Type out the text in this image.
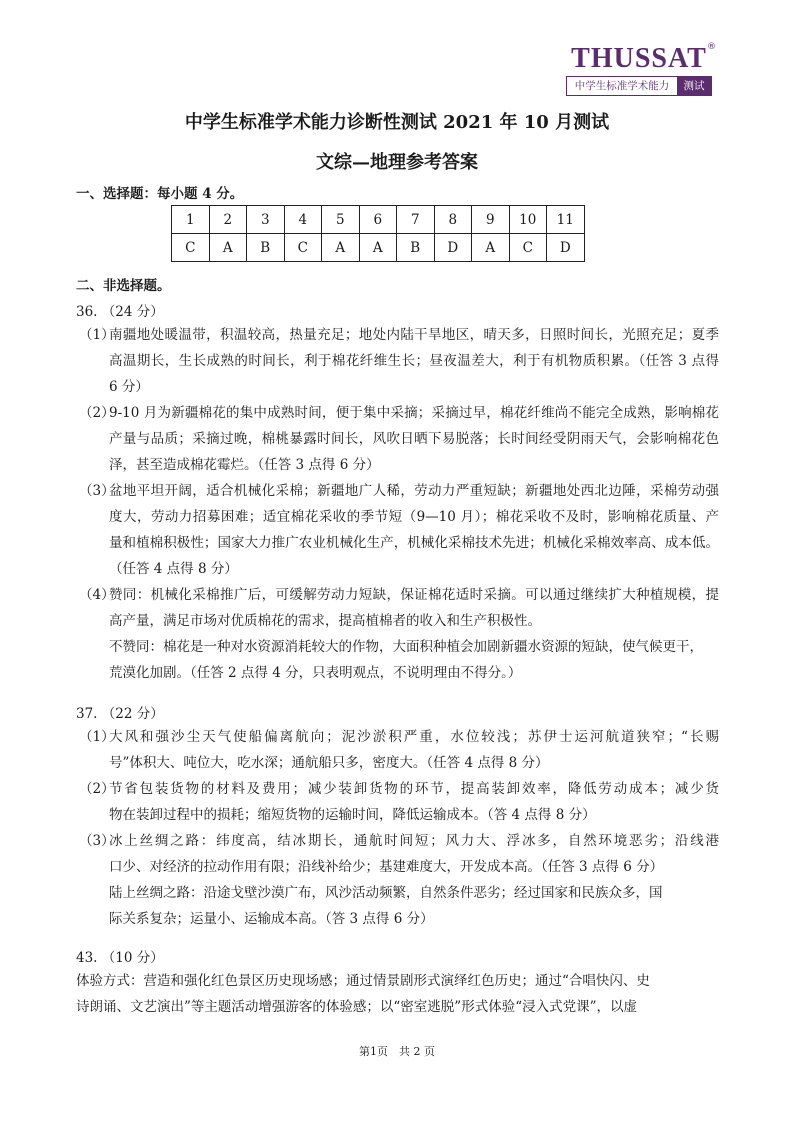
THUSSAT ®
中学生标准学术能力	测试
中学生标准学术能力诊断性测试 2021 年 10 月测试
文综—地理参考答案
一、选择题：每小题 4 分。
1	2	3	4	5	6	7	8	9	10	11
C	A	B	C	A	A	B	D	A	C	D
二、非选择题。
36. （24 分）
（1）
南疆地处暖温带，积温较高，热量充足；地处内陆干旱地区，晴天多，日照时间长，光照充足；夏季
高温期长，生长成熟的时间长，利于棉花纤维生长；昼夜温差大，利于有机物质积累。（任答 3 点得
6 分）
（2）
9-10 月为新疆棉花的集中成熟时间，便于集中采摘；采摘过早，棉花纤维尚不能完全成熟，影响棉花
产量与品质；采摘过晚，棉桃暴露时间长，风吹日晒下易脱落；长时间经受阴雨天气，会影响棉花色
泽，甚至造成棉花霉烂。（任答 3 点得 6 分）
（3）
盆地平坦开阔，适合机械化采棉；新疆地广人稀，劳动力严重短缺；新疆地处西北边陲，采棉劳动强
度大，劳动力招募困难；适宜棉花采收的季节短（9—10 月）；棉花采收不及时，影响棉花质量、产
量和植棉积极性；国家大力推广农业机械化生产，机械化采棉技术先进；机械化采棉效率高、成本低。
（任答 4 点得 8 分）
（4）
赞同：机械化采棉推广后，可缓解劳动力短缺，保证棉花适时采摘。可以通过继续扩大种植规模，提
高产量，满足市场对优质棉花的需求，提高植棉者的收入和生产积极性。
不赞同：棉花是一种对水资源消耗较大的作物，大面积种植会加剧新疆水资源的短缺，使气候更干，
荒漠化加剧。（任答 2 点得 4 分，只表明观点，不说明理由不得分。）
37. （22 分）
（1）
大风和强沙尘天气使船偏离航向；泥沙淤积严重，水位较浅；苏伊士运河航道狭窄；“长赐
号”体积大、吨位大，吃水深；通航船只多，密度大。（任答 4 点得 8 分）
（2）
节省包装货物的材料及费用；减少装卸货物的环节，提高装卸效率，降低劳动成本；减少货
物在装卸过程中的损耗；缩短货物的运输时间，降低运输成本。（答 4 点得 8 分）
（3）
冰上丝绸之路：纬度高，结冰期长，通航时间短；风力大、浮冰多，自然环境恶劣；沿线港
口少、对经济的拉动作用有限；沿线补给少；基建难度大，开发成本高。（任答 3 点得 6 分）
陆上丝绸之路：沿途戈壁沙漠广布，风沙活动频繁，自然条件恶劣；经过国家和民族众多，国
际关系复杂；运量小、运输成本高。（答 3 点得 6 分）
43. （10 分）
体验方式：营造和强化红色景区历史现场感；通过情景剧形式演绎红色历史；通过“合唱快闪、史
诗朗诵、文艺演出”等主题活动增强游客的体验感；以“密室逃脱”形式体验“浸入式党课”，以虚
第1页　共 2 页
